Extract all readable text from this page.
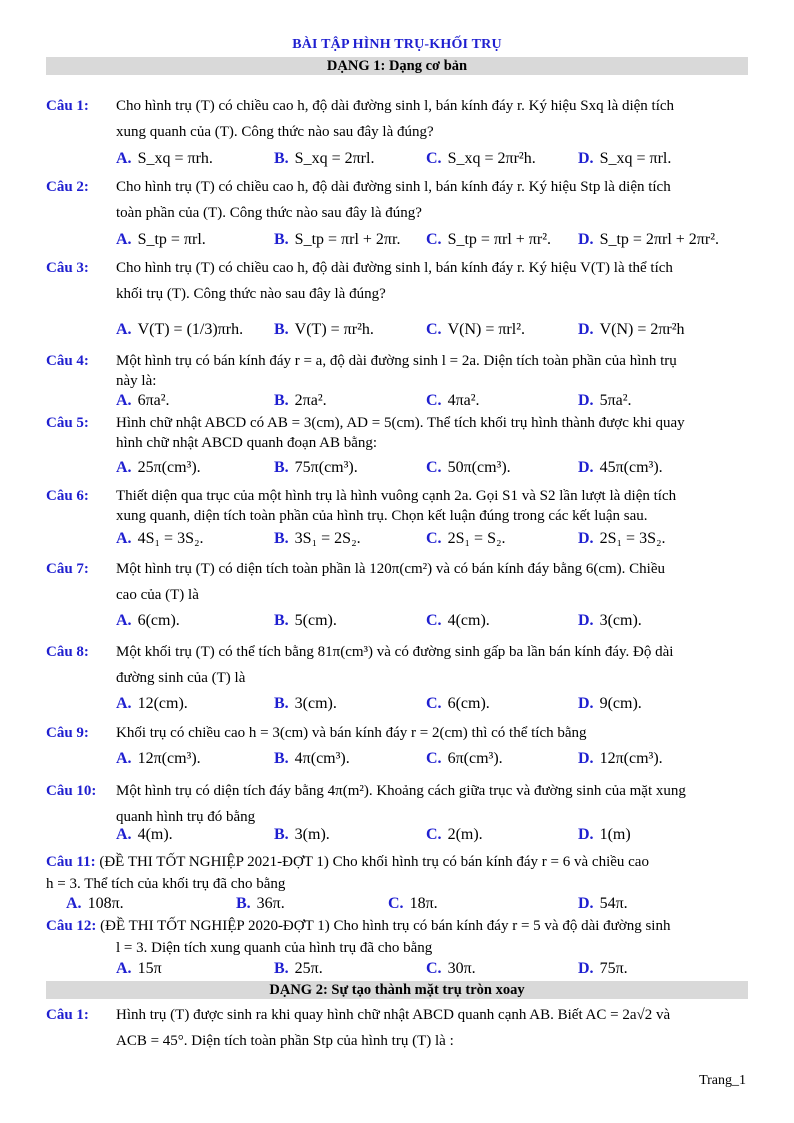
BÀI TẬP HÌNH TRỤ-KHỐI TRỤ
DẠNG 1: Dạng cơ bản
Câu 1: Cho hình trụ (T) có chiều cao h, độ dài đường sinh l, bán kính đáy r. Ký hiệu Sxq là diện tích
xung quanh của (T). Công thức nào sau đây là đúng?
A. S_xq = πrh.	B. S_xq = 2πrl.	C. S_xq = 2πr²h.	D. S_xq = πrl.
Câu 2: Cho hình trụ (T) có chiều cao h, độ dài đường sinh l, bán kính đáy r. Ký hiệu Stp là diện tích
toàn phần của (T). Công thức nào sau đây là đúng?
A. S_tp = πrl.	B. S_tp = πrl + 2πr. C. S_tp = πrl + πr². D. S_tp = 2πrl + 2πr².
Câu 3: Cho hình trụ (T) có chiều cao h, độ dài đường sinh l, bán kính đáy r. Ký hiệu V(T) là thể tích
khối trụ (T). Công thức nào sau đây là đúng?
A. V(T) = (1/3)πrh. B. V(T) = πr²h.	C. V(N) = πrl².	D. V(N) = 2πr²h
Câu 4: Một hình trụ có bán kính đáy r = a, độ dài đường sinh l = 2a. Diện tích toàn phần của hình trụ
này là:
A. 6πa².	B. 2πa².	C. 4πa².	D. 5πa².
Câu 5: Hình chữ nhật ABCD có AB = 3(cm), AD = 5(cm). Thể tích khối trụ hình thành được khi quay
hình chữ nhật ABCD quanh đoạn AB bằng:
A. 25π(cm³).	B. 75π(cm³).	C. 50π(cm³).	D. 45π(cm³).
Câu 6: Thiết diện qua trục của một hình trụ là hình vuông cạnh 2a. Gọi S1 và S2 lần lượt là diện tích
xung quanh, diện tích toàn phần của hình trụ. Chọn kết luận đúng trong các kết luận sau.
A. 4S₁ = 3S₂.	B. 3S₁ = 2S₂.	C. 2S₁ = S₂.	D. 2S₁ = 3S₂.
Câu 7: Một hình trụ (T) có diện tích toàn phần là 120π(cm²) và có bán kính đáy bằng 6(cm). Chiều
cao của (T) là
A. 6(cm).	B. 5(cm).	C. 4(cm).	D. 3(cm).
Câu 8: Một khối trụ (T) có thể tích bằng 81π(cm³) và có đường sinh gấp ba lần bán kính đáy. Độ dài
đường sinh của (T) là
A. 12(cm).	B. 3(cm).	C. 6(cm).	D. 9(cm).
Câu 9: Khối trụ có chiều cao h = 3(cm) và bán kính đáy r = 2(cm) thì có thể tích bằng
A. 12π(cm³).	B. 4π(cm³).	C. 6π(cm³).	D. 12π(cm³).
Câu 10: Một hình trụ có diện tích đáy bằng 4π(m²). Khoảng cách giữa trục và đường sinh của mặt xung
quanh hình trụ đó bằng
A. 4(m).	B. 3(m).	C. 2(m).	D. 1(m)
Câu 11: (ĐỀ THI TỐT NGHIỆP 2021-ĐỢT 1) Cho khối hình trụ có bán kính đáy r = 6 và chiều cao
h = 3. Thể tích của khối trụ đã cho bằng
A. 108π.	B. 36π.	C. 18π.	D. 54π.
Câu 12: (ĐỀ THI TỐT NGHIỆP 2020-ĐỢT 1) Cho hình trụ có bán kính đáy r = 5 và độ dài đường sinh
l = 3. Diện tích xung quanh của hình trụ đã cho bằng
A. 15π	B. 25π.	C. 30π.	D. 75π.
DẠNG 2: Sự tạo thành mặt trụ tròn xoay
Câu 1: Hình trụ (T) được sinh ra khi quay hình chữ nhật ABCD quanh cạnh AB. Biết AC = 2a√2 và
ACB = 45°. Diện tích toàn phần Stp của hình trụ (T) là :
Trang_1
